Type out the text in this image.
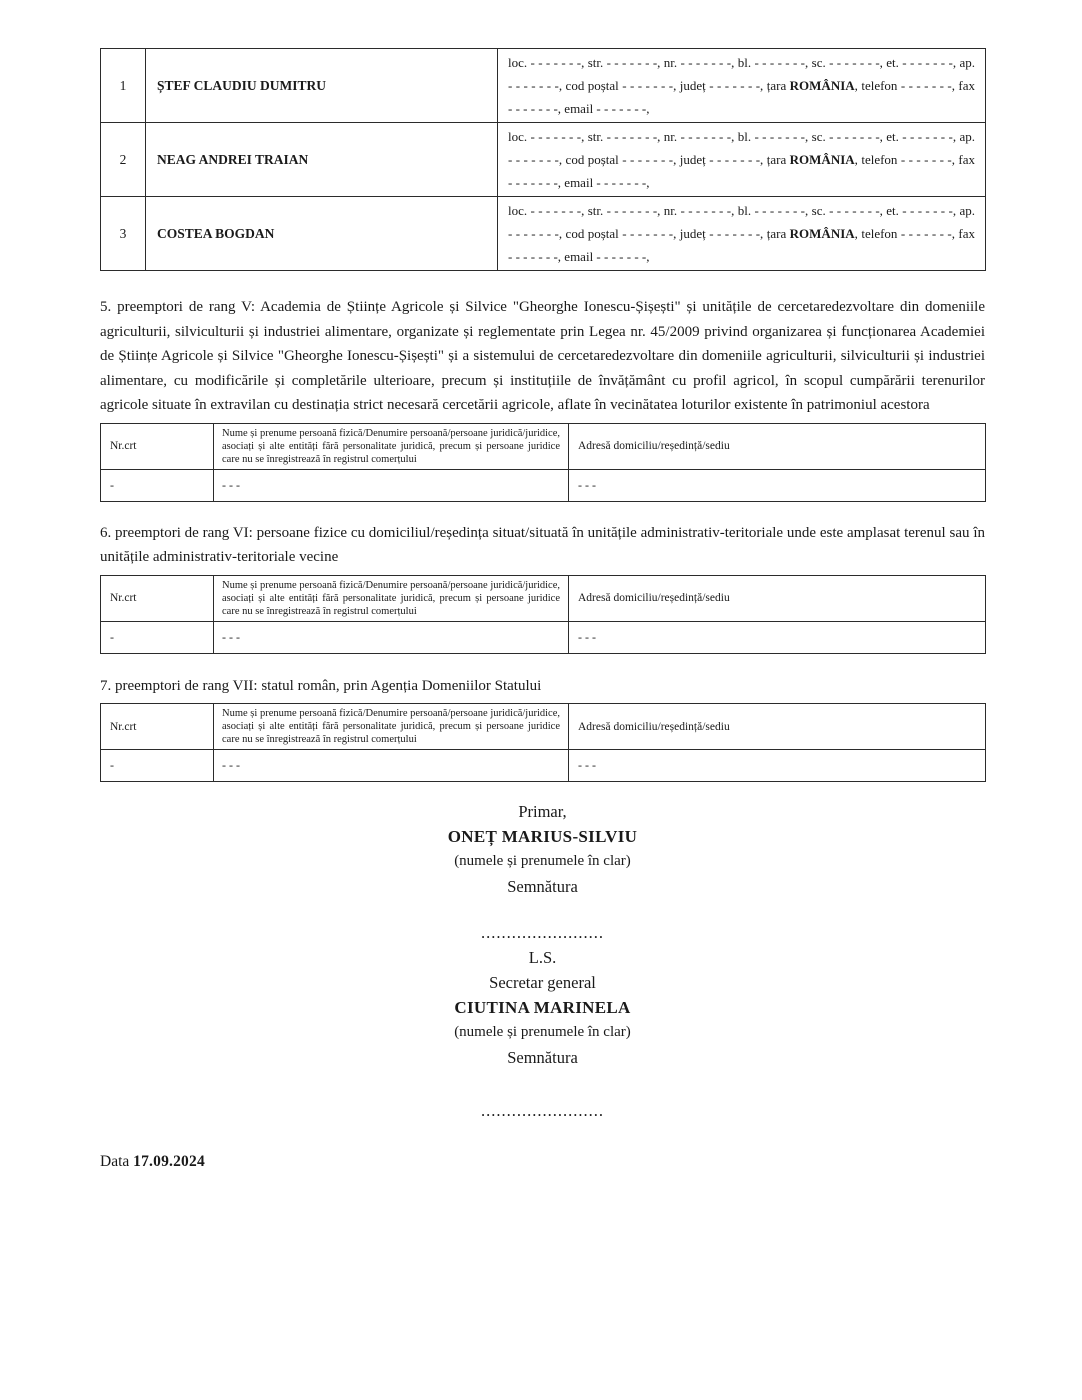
1	ȘTEF CLAUDIU DUMITRU	loc. - - - - - - -, str. - - - - - - -, nr. - - - - - - -, bl. - - - - - - -, sc. - - - - - - -, et. - - - - - - -, ap. - - - - - - -, cod poștal - - - - - - -, județ - - - - - - -, țara ROMÂNIA, telefon - - - - - - -, fax - - - - - - -, email - - - - - - -,
2	NEAG ANDREI TRAIAN	loc. - - - - - - -, str. - - - - - - -, nr. - - - - - - -, bl. - - - - - - -, sc. - - - - - - -, et. - - - - - - -, ap. - - - - - - -, cod poștal - - - - - - -, județ - - - - - - -, țara ROMÂNIA, telefon - - - - - - -, fax - - - - - - -, email - - - - - - -,
3	COSTEA BOGDAN	loc. - - - - - - -, str. - - - - - - -, nr. - - - - - - -, bl. - - - - - - -, sc. - - - - - - -, et. - - - - - - -, ap. - - - - - - -, cod poștal - - - - - - -, județ - - - - - - -, țara ROMÂNIA, telefon - - - - - - -, fax - - - - - - -, email - - - - - - -,

5. preemptori de rang V: Academia de Științe Agricole și Silvice "Gheorghe Ionescu-Șișești" și unitățile de cercetaredezvoltare din domeniile agriculturii, silviculturii și industriei alimentare, organizate și reglementate prin Legea nr. 45/2009 privind organizarea și funcționarea Academiei de Științe Agricole și Silvice "Gheorghe Ionescu-Șișești" și a sistemului de cercetaredezvoltare din domeniile agriculturii, silviculturii și industriei alimentare, cu modificările și completările ulterioare, precum și instituțiile de învățământ cu profil agricol, în scopul cumpărării terenurilor agricole situate în extravilan cu destinația strict necesară cercetării agricole, aflate în vecinătatea loturilor existente în patrimoniul acestora

Nr.crt	Nume și prenume persoană fizică/Denumire persoană/persoane juridică/juridice, asociați și alte entități fără personalitate juridică, precum și persoane juridice care nu se înregistrează în registrul comerțului	Adresă domiciliu/reședință/sediu
-	- - -	- - -

6. preemptori de rang VI: persoane fizice cu domiciliul/reședința situat/situată în unitățile administrativ-teritoriale unde este amplasat terenul sau în unitățile administrativ-teritoriale vecine

Nr.crt	Nume și prenume persoană fizică/Denumire persoană/persoane juridică/juridice, asociați și alte entități fără personalitate juridică, precum și persoane juridice care nu se înregistrează în registrul comerțului	Adresă domiciliu/reședință/sediu
-	- - -	- - -

7. preemptori de rang VII: statul român, prin Agenția Domeniilor Statului

Nr.crt	Nume și prenume persoană fizică/Denumire persoană/persoane juridică/juridice, asociați și alte entități fără personalitate juridică, precum și persoane juridice care nu se înregistrează în registrul comerțului	Adresă domiciliu/reședință/sediu
-	- - -	- - -
Primar,
ONEȚ MARIUS-SILVIU
(numele și prenumele în clar)
Semnătura
........................
L.S.
Secretar general
CIUTINA MARINELA
(numele și prenumele în clar)
Semnătura
........................
Data 17.09.2024
